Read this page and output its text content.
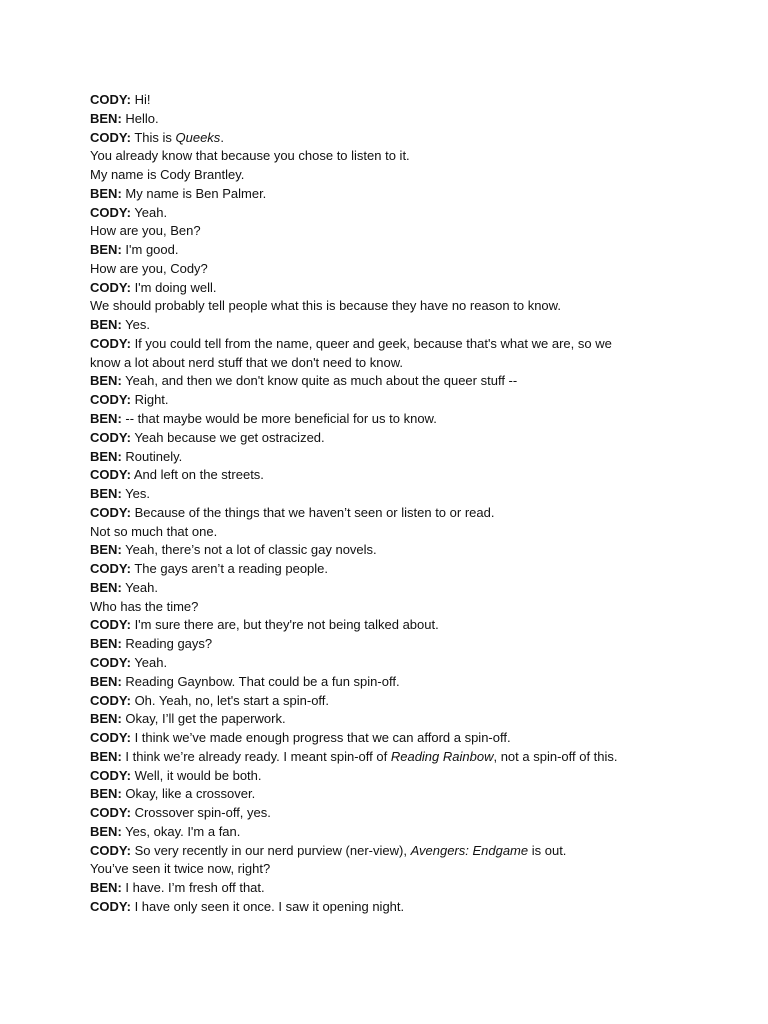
CODY: Hi!
BEN: Hello.
CODY: This is Queeks.
You already know that because you chose to listen to it.
My name is Cody Brantley.
BEN: My name is Ben Palmer.
CODY: Yeah.
How are you, Ben?
BEN: I'm good.
How are you, Cody?
CODY: I'm doing well.
We should probably tell people what this is because they have no reason to know.
BEN: Yes.
CODY: If you could tell from the name, queer and geek, because that's what we are, so we
know a lot about nerd stuff that we don't need to know.
BEN: Yeah, and then we don't know quite as much about the queer stuff --
CODY: Right.
BEN: -- that maybe would be more beneficial for us to know.
CODY: Yeah because we get ostracized.
BEN: Routinely.
CODY: And left on the streets.
BEN: Yes.
CODY: Because of the things that we haven’t seen or listen to or read.
Not so much that one.
BEN: Yeah, there’s not a lot of classic gay novels.
CODY: The gays aren’t a reading people.
BEN: Yeah.
Who has the time?
CODY: I'm sure there are, but they're not being talked about.
BEN: Reading gays?
CODY: Yeah.
BEN: Reading Gaynbow. That could be a fun spin-off.
CODY: Oh. Yeah, no, let's start a spin-off.
BEN: Okay, I’ll get the paperwork.
CODY: I think we’ve made enough progress that we can afford a spin-off.
BEN: I think we’re already ready. I meant spin-off of Reading Rainbow, not a spin-off of this.
CODY: Well, it would be both.
BEN: Okay, like a crossover.
CODY: Crossover spin-off, yes.
BEN: Yes, okay. I'm a fan.
CODY: So very recently in our nerd purview (ner-view), Avengers: Endgame is out.
You’ve seen it twice now, right?
BEN: I have. I’m fresh off that.
CODY: I have only seen it once. I saw it opening night.
